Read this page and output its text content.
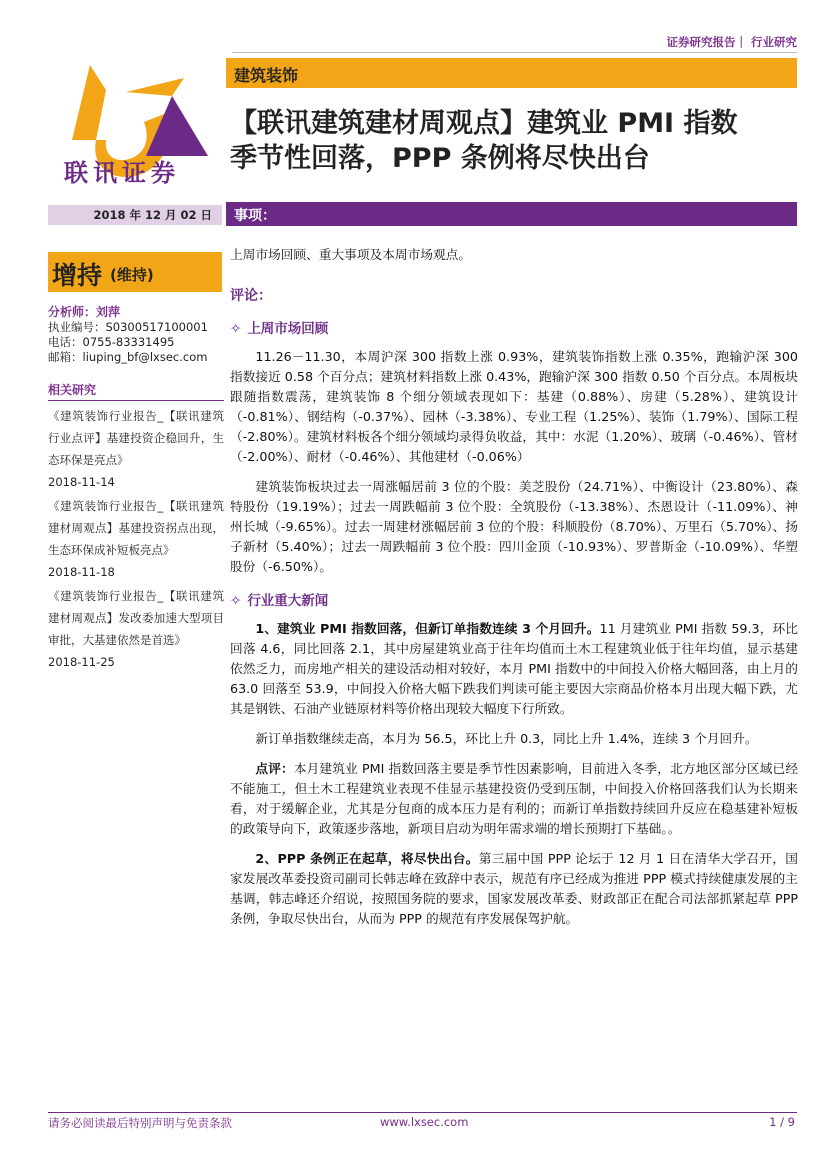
证券研究报告｜ 行业研究
联讯证券
建筑装饰
【联讯建筑建材周观点】建筑业 PMI 指数
季节性回落，PPP 条例将尽快出台
2018 年 12 月 02 日	事项：
增持 (维持)
分析师：刘萍
执业编号：S0300517100001
电话：0755-83331495
邮箱：liuping_bf@lxsec.com
相关研究
《建筑装饰行业报告_【联讯建筑行业点评】基建投资企稳回升，生态环保是亮点》
2018-11-14
《建筑装饰行业报告_【联讯建筑建材周观点】基建投资拐点出现，生态环保成补短板亮点》
2018-11-18
《建筑装饰行业报告_【联讯建筑建材周观点】发改委加速大型项目审批，大基建依然是首选》
2018-11-25

上周市场回顾、重大事项及本周市场观点。

评论：
✧ 上周市场回顾

11.26－11.30，本周沪深 300 指数上涨 0.93%，建筑装饰指数上涨 0.35%，跑输沪深 300 指数接近 0.58 个百分点；建筑材料指数上涨 0.43%，跑输沪深 300 指数 0.50 个百分点。本周板块跟随指数震荡，建筑装饰 8 个细分领域表现如下：基建（0.88%）、房建（5.28%）、建筑设计（-0.81%）、钢结构（-0.37%）、园林（-3.38%）、专业工程（1.25%）、装饰（1.79%）、国际工程（-2.80%）。建筑材料板各个细分领域均录得负收益，其中：水泥（1.20%）、玻璃（-0.46%）、管材（-2.00%）、耐材（-0.46%）、其他建材（-0.06%）

建筑装饰板块过去一周涨幅居前 3 位的个股：美芝股份（24.71%）、中衡设计（23.80%）、森特股份（19.19%）；过去一周跌幅前 3 位个股：全筑股份（-13.38%）、杰恩设计（-11.09%）、神州长城（-9.65%）。过去一周建材涨幅居前 3 位的个股：科顺股份（8.70%）、万里石（5.70%）、扬子新材（5.40%）；过去一周跌幅前 3 位个股：四川金顶（-10.93%）、罗普斯金（-10.09%）、华塑股份（-6.50%）。

✧ 行业重大新闻

1、建筑业 PMI 指数回落，但新订单指数连续 3 个月回升。11 月建筑业 PMI 指数 59.3，环比回落 4.6，同比回落 2.1，其中房屋建筑业高于往年均值而土木工程建筑业低于往年均值，显示基建依然乏力，而房地产相关的建设活动相对较好，本月 PMI 指数中的中间投入价格大幅回落，由上月的 63.0 回落至 53.9，中间投入价格大幅下跌我们判读可能主要因大宗商品价格本月出现大幅下跌，尤其是钢铁、石油产业链原材料等价格出现较大幅度下行所致。

新订单指数继续走高，本月为 56.5，环比上升 0.3，同比上升 1.4%，连续 3 个月回升。

点评：本月建筑业 PMI 指数回落主要是季节性因素影响，目前进入冬季，北方地区部分区域已经不能施工，但土木工程建筑业表现不佳显示基建投资仍受到压制，中间投入价格回落我们认为长期来看，对于缓解企业，尤其是分包商的成本压力是有利的；而新订单指数持续回升反应在稳基建补短板的政策导向下，政策逐步落地，新项目启动为明年需求端的增长预期打下基础。。

2、PPP 条例正在起草，将尽快出台。第三届中国 PPP 论坛于 12 月 1 日在清华大学召开，国家发展改革委投资司副司长韩志峰在致辞中表示，规范有序已经成为推进 PPP 模式持续健康发展的主基调，韩志峰还介绍说，按照国务院的要求，国家发展改革委、财政部正在配合司法部抓紧起草 PPP 条例，争取尽快出台，从而为 PPP 的规范有序发展保驾护航。

请务必阅读最后特别声明与免责条款	www.lxsec.com	1 / 9
